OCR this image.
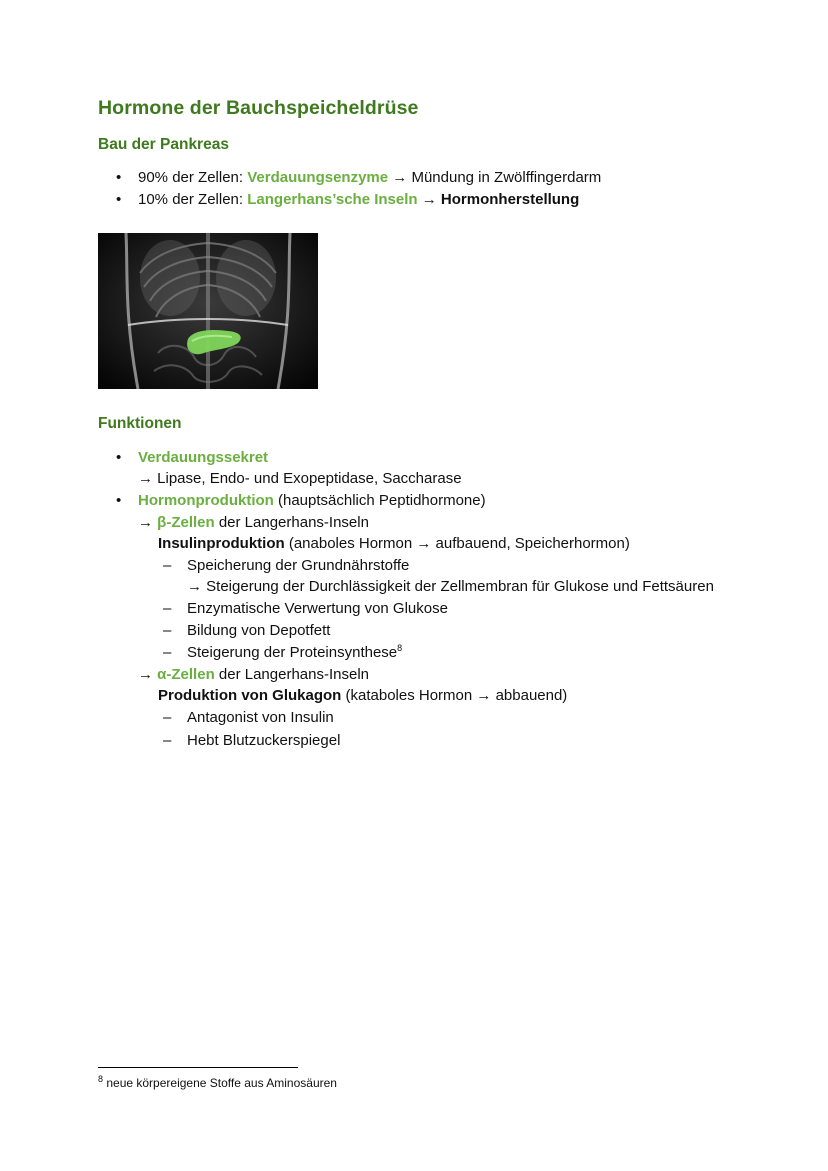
Hormone der Bauchspeicheldrüse
Bau der Pankreas
• 90% der Zellen: Verdauungsenzyme → Mündung in Zwölffingerdarm
• 10% der Zellen: Langerhans’sche Inseln → Hormonherstellung
Funktionen
• Verdauungssekret
→ Lipase, Endo- und Exopeptidase, Saccharase
• Hormonproduktion (hauptsächlich Peptidhormone)
→ β-Zellen der Langerhans-Inseln
Insulinproduktion (anaboles Hormon → aufbauend, Speicherhormon)
– Speicherung der Grundnährstoffe
→ Steigerung der Durchlässigkeit der Zellmembran für Glukose und Fettsäuren
– Enzymatische Verwertung von Glukose
– Bildung von Depotfett
– Steigerung der Proteinsynthese$^8$
→ α-Zellen der Langerhans-Inseln
Produktion von Glukagon (kataboles Hormon → abbauend)
– Antagonist von Insulin
– Hebt Blutzuckerspiegel
$^8$ neue körpereigene Stoffe aus Aminosäuren
